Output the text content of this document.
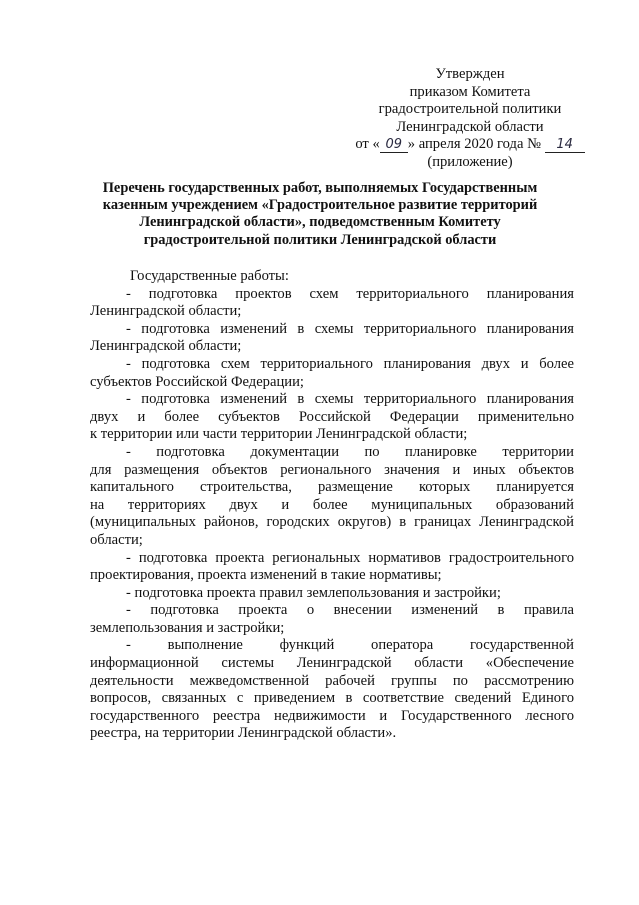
Утвержден
приказом Комитета
градостроительной политики
Ленинградской области
от « 09 » апреля 2020 года № 14
(приложение)
Перечень государственных работ, выполняемых Государственным
казенным учреждением «Градостроительное развитие территорий
Ленинградской области», подведомственным Комитету
градостроительной политики Ленинградской области
Государственные работы:
- подготовка проектов схем территориального планирования
Ленинградской области;
- подготовка изменений в схемы территориального планирования
Ленинградской области;
- подготовка схем территориального планирования двух и более
субъектов Российской Федерации;
- подготовка изменений в схемы территориального планирования
двух и более субъектов Российской Федерации применительно
к территории или части территории Ленинградской области;
- подготовка документации по планировке территории
для размещения объектов регионального значения и иных объектов
капитального строительства, размещение которых планируется
на территориях двух и более муниципальных образований
(муниципальных районов, городских округов) в границах Ленинградской
области;
- подготовка проекта региональных нормативов градостроительного
проектирования, проекта изменений в такие нормативы;
- подготовка проекта правил землепользования и застройки;
- подготовка проекта о внесении изменений в правила
землепользования и застройки;
- выполнение функций оператора государственной
информационной системы Ленинградской области «Обеспечение
деятельности межведомственной рабочей группы по рассмотрению
вопросов, связанных с приведением в соответствие сведений Единого
государственного реестра недвижимости и Государственного лесного
реестра, на территории Ленинградской области».
